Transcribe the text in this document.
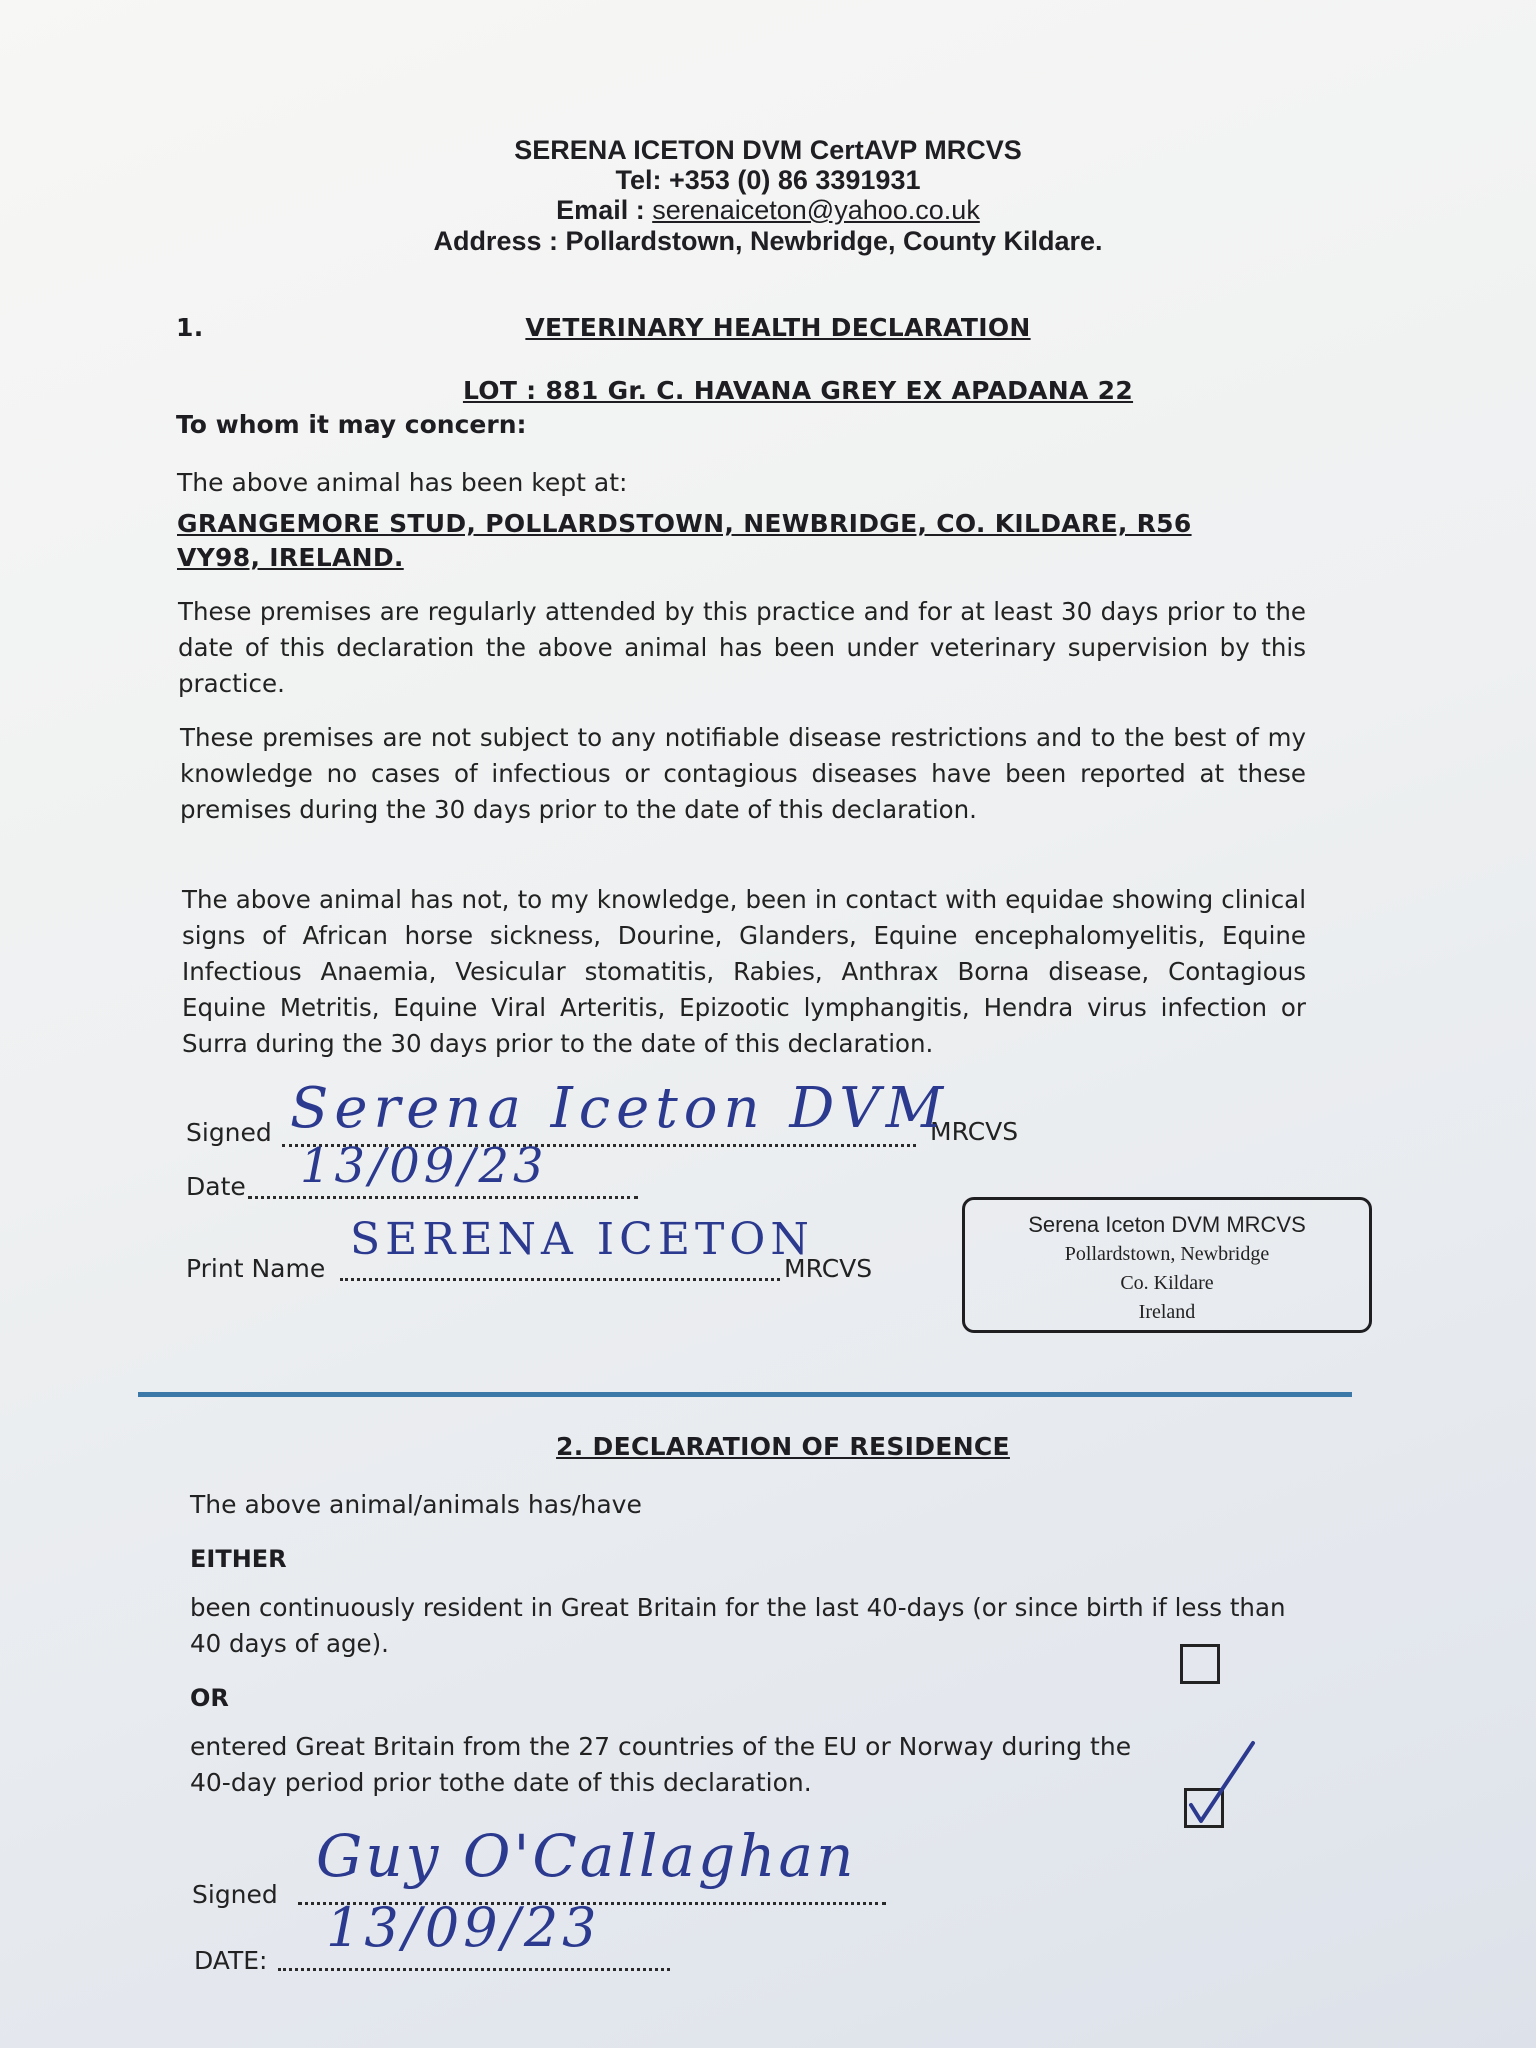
SERENA ICETON DVM CertAVP MRCVS
Tel: +353 (0) 86 3391931
Email : serenaiceton@yahoo.co.uk
Address : Pollardstown, Newbridge, County Kildare.
1.	VETERINARY HEALTH DECLARATION
LOT : 881 Gr. C. HAVANA GREY EX APADANA 22
To whom it may concern:
The above animal has been kept at:
GRANGEMORE STUD, POLLARDSTOWN, NEWBRIDGE, CO. KILDARE, R56
VY98, IRELAND.

These premises are regularly attended by this practice and for at least 30 days prior to the date of this declaration the above animal has been under veterinary supervision by this practice.

These premises are not subject to any notifiable disease restrictions and to the best of my knowledge no cases of infectious or contagious diseases have been reported at these premises during the 30 days prior to the date of this declaration.

The above animal has not, to my knowledge, been in contact with equidae showing clinical signs of African horse sickness, Dourine, Glanders, Equine encephalomyelitis, Equine Infectious Anaemia, Vesicular stomatitis, Rabies, Anthrax Borna disease, Contagious Equine Metritis, Equine Viral Arteritis, Epizootic lymphangitis, Hendra virus infection or Surra during the 30 days prior to the date of this declaration.

Signed	MRCVS
Serena Iceton DVM
Date 13/09/23
Print Name	MRCVS
SERENA ICETON	Serena Iceton DVM MRCVS
Pollardstown, Newbridge
Co. Kildare
Ireland
2. DECLARATION OF RESIDENCE
The above animal/animals has/have
EITHER

been continuously resident in Great Britain for the last 40-days (or since birth if less than 40 days of age).

OR
entered Great Britain from the 27 countries of the EU or Norway during the
40-day period prior tothe date of this declaration.
Signed
Guy O'Callaghan
DATE:
13/09/23
